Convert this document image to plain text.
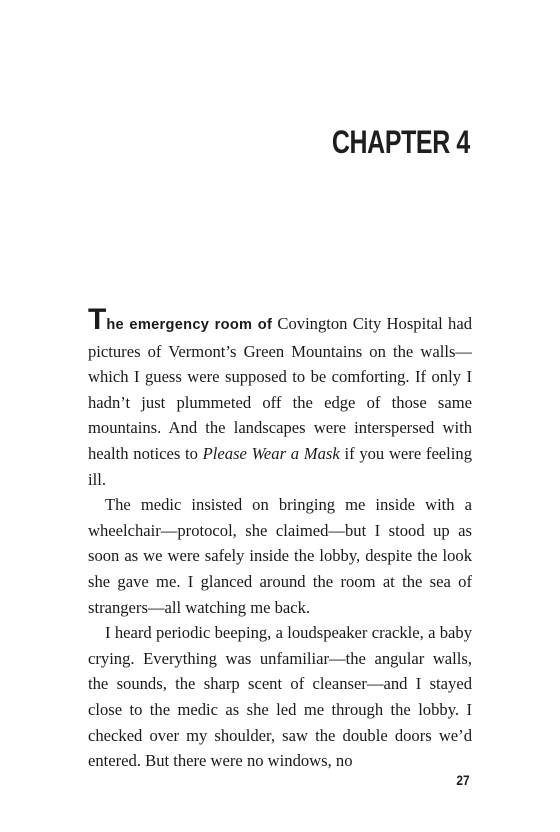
CHAPTER 4

The emergency room of Covington City Hospital had pictures of Vermont’s Green Mountains on the walls—which I guess were supposed to be comforting. If only I hadn’t just plummeted off the edge of those same mountains. And the landscapes were interspersed with health notices to Please Wear a Mask if you were feeling ill.

The medic insisted on bringing me inside with a wheelchair—protocol, she claimed—but I stood up as soon as we were safely inside the lobby, despite the look she gave me. I glanced around the room at the sea of strangers—all watching me back.

I heard periodic beeping, a loudspeaker crackle, a baby crying. Everything was unfamiliar—the angular walls, the sounds, the sharp scent of cleanser—and I stayed close to the medic as she led me through the lobby. I checked over my shoulder, saw the double doors we’d entered. But there were no windows, no

27
